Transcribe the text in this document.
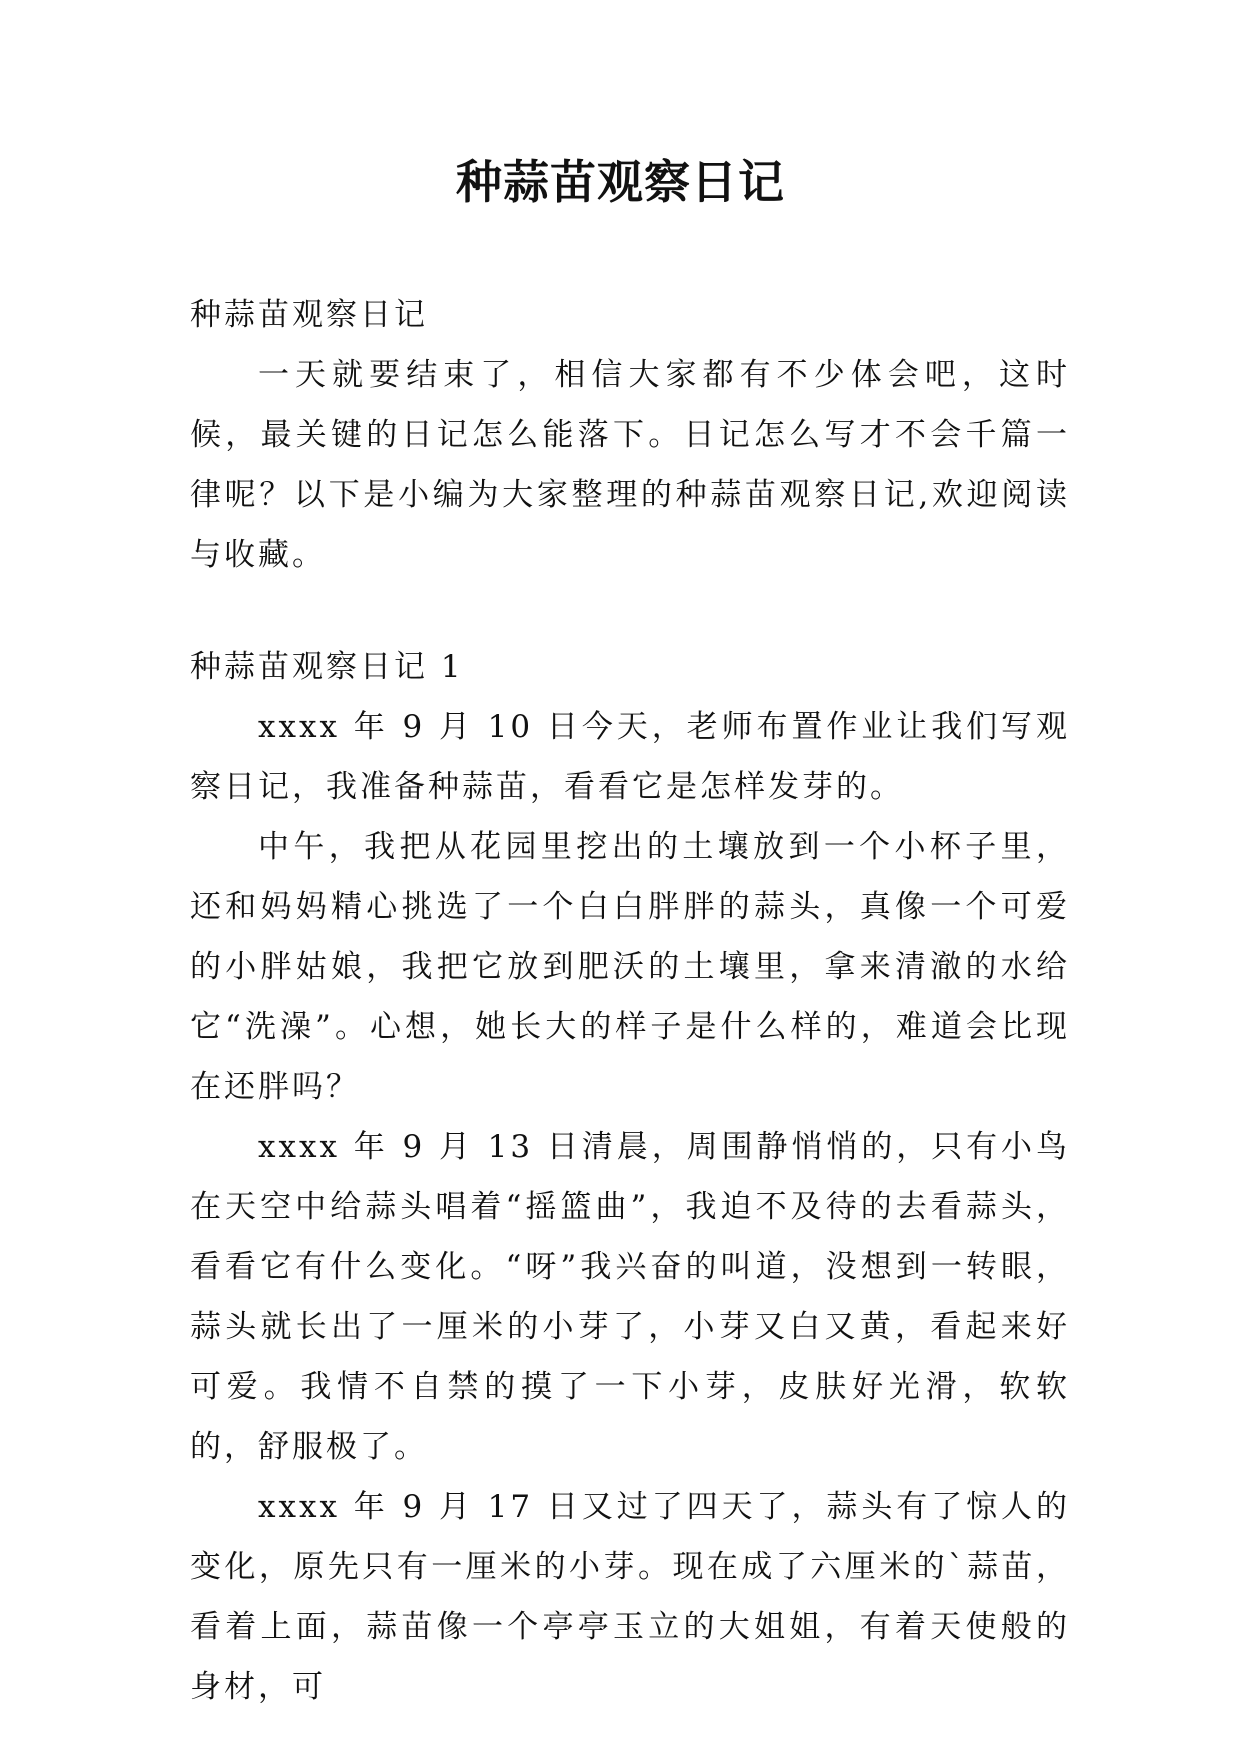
种蒜苗观察日记

种蒜苗观察日记

一天就要结束了，相信大家都有不少体会吧，这时候，最关键的日记怎么能落下。日记怎么写才不会千篇一律呢？以下是小编为大家整理的种蒜苗观察日记,欢迎阅读与收藏。

种蒜苗观察日记 1

xxxx 年 9 月 10 日今天，老师布置作业让我们写观察日记，我准备种蒜苗，看看它是怎样发芽的。

中午，我把从花园里挖出的土壤放到一个小杯子里，还和妈妈精心挑选了一个白白胖胖的蒜头，真像一个可爱的小胖姑娘，我把它放到肥沃的土壤里，拿来清澈的水给它“洗澡”。心想，她长大的样子是什么样的，难道会比现在还胖吗？

xxxx 年 9 月 13 日清晨，周围静悄悄的，只有小鸟在天空中给蒜头唱着“摇篮曲”，我迫不及待的去看蒜头，看看它有什么变化。“呀”我兴奋的叫道，没想到一转眼，蒜头就长出了一厘米的小芽了，小芽又白又黄，看起来好可爱。我情不自禁的摸了一下小芽，皮肤好光滑，软软的，舒服极了。

xxxx 年 9 月 17 日又过了四天了，蒜头有了惊人的变化，原先只有一厘米的小芽。现在成了六厘米的`蒜苗，看着上面，蒜苗像一个亭亭玉立的大姐姐，有着天使般的身材，可
